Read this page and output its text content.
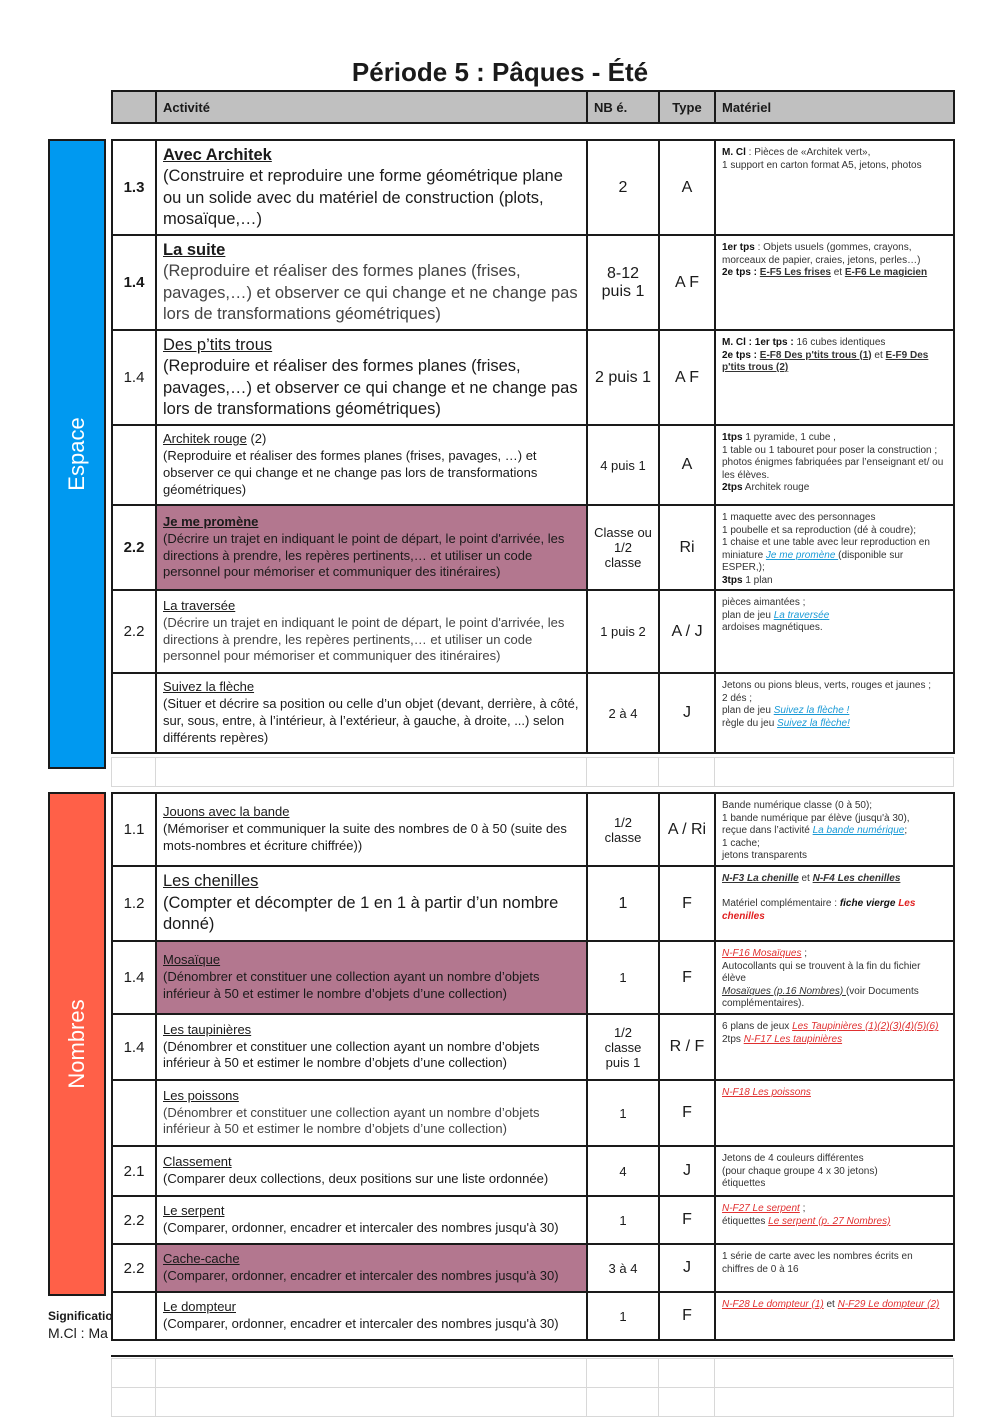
Période 5 : Pâques - Été
	Activité	NB é.	Type	Matériel
Espace
Nombres
1.3	Avec Architek
(Construire et reproduire une forme géométrique plane ou un solide avec du matériel de construction (plots, mosaïque,…)	2	A	M. Cl : Pièces de «Architek vert»,
1 support en carton format A5, jetons, photos
1.4	La suite
(Reproduire et réaliser des formes planes (frises, pavages,…) et observer ce qui change et ne change pas lors de transformations géométriques)	8-12 puis 1	A F	1er tps : Objets usuels (gommes, crayons, morceaux de papier, craies, jetons, perles…)
2e tps : E-F5 Les frises et E-F6 Le magicien
1.4	Des p’tits trous
(Reproduire et réaliser des formes planes (frises, pavages,…) et observer ce qui change et ne change pas lors de transformations géométriques)	2 puis 1	A F	M. Cl : 1er tps : 16 cubes identiques
2e tps : E-F8 Des p'tits trous (1) et E-F9 Des p'tits trous (2)
	Architek rouge (2)
(Reproduire et réaliser des formes planes (frises, pavages, …) et observer ce qui change et ne change pas lors de transformations géométriques)	4 puis 1	A	1tps 1 pyramide, 1 cube ,
1 table ou 1 tabouret pour poser la construction ; photos énigmes fabriquées par l’enseignant et/ ou les élèves.
2tps Architek rouge
2.2	Je me promène
(Décrire un trajet en indiquant le point de départ, le point d'arrivée, les directions à prendre, les repères pertinents,… et utiliser un code personnel pour mémoriser et communiquer des itinéraires)	Classe ou 1/2 classe	Ri	1 maquette avec des personnages
1 poubelle et sa reproduction (dé à coudre);
1 chaise et une table avec leur reproduction en miniature Je me promène (disponible sur ESPER,);
3tps 1 plan
2.2	La traversée
(Décrire un trajet en indiquant le point de départ, le point d'arrivée, les directions à prendre, les repères pertinents,… et utiliser un code personnel pour mémoriser et communiquer des itinéraires)	1 puis 2	A / J	pièces aimantées ;
plan de jeu La traversée
ardoises magnétiques.
	Suivez la flèche
(Situer et décrire sa position ou celle d’un objet (devant, derrière, à côté, sur, sous, entre, à l’intérieur, à l’extérieur, à gauche, à droite, ...) selon différents repères)	2 à 4	J	Jetons ou pions bleus, verts, rouges et jaunes ;
2 dés ;
plan de jeu Suivez la flèche !
règle du jeu Suivez la flèche!

1.1	Jouons avec la bande
(Mémoriser et communiquer la suite des nombres de 0 à 50 (suite des mots-nombres et écriture chiffrée))	1/2 classe	A / Ri	Bande numérique classe (0 à 50);
1 bande numérique par élève (jusqu'à 30),
reçue dans l’activité La bande numérique;
1 cache;
jetons transparents
1.2	Les chenilles
(Compter et décompter de 1 en 1 à partir d’un nombre donné)	1	F	N-F3 La chenille et N-F4 Les chenilles

Matériel complémentaire : fiche vierge Les chenilles
1.4	Mosaïque
(Dénombrer et constituer une collection ayant un nombre d’objets inférieur à 50 et estimer le nombre d’objets d’une collection)	1	F	N-F16 Mosaïques ;
Autocollants qui se trouvent à la fin du fichier élève
Mosaïques (p.16 Nombres) (voir Documents complémentaires).
1.4	Les taupinières
(Dénombrer et constituer une collection ayant un nombre d’objets inférieur à 50 et estimer le nombre d’objets d’une collection)	1/2 classe puis 1	R / F	6 plans de jeux Les Taupinières (1)(2)(3)(4)(5)(6)
2tps N-F17 Les taupinières
	Les poissons
(Dénombrer et constituer une collection ayant un nombre d’objets inférieur à 50 et estimer le nombre d’objets d’une collection)	1	F	N-F18 Les poissons
2.1	Classement
(Comparer deux collections, deux positions sur une liste ordonnée)	4	J	Jetons de 4 couleurs différentes
(pour chaque groupe 4 x 30 jetons)
étiquettes
2.2	Le serpent
(Comparer, ordonner, encadrer et intercaler des nombres jusqu'à 30)	1	F	N-F27 Le serpent ;
étiquettes Le serpent (p. 27 Nombres)
2.2	Cache-cache
(Comparer, ordonner, encadrer et intercaler des nombres jusqu'à 30)	3 à 4	J	1 série de carte avec les nombres écrits en chiffres de 0 à 16
	Le dompteur
(Comparer, ordonner, encadrer et intercaler des nombres jusqu'à 30)	1	F	N-F28 Le dompteur (1) et N-F29 Le dompteur (2)
Significatio
M.Cl : Ma
